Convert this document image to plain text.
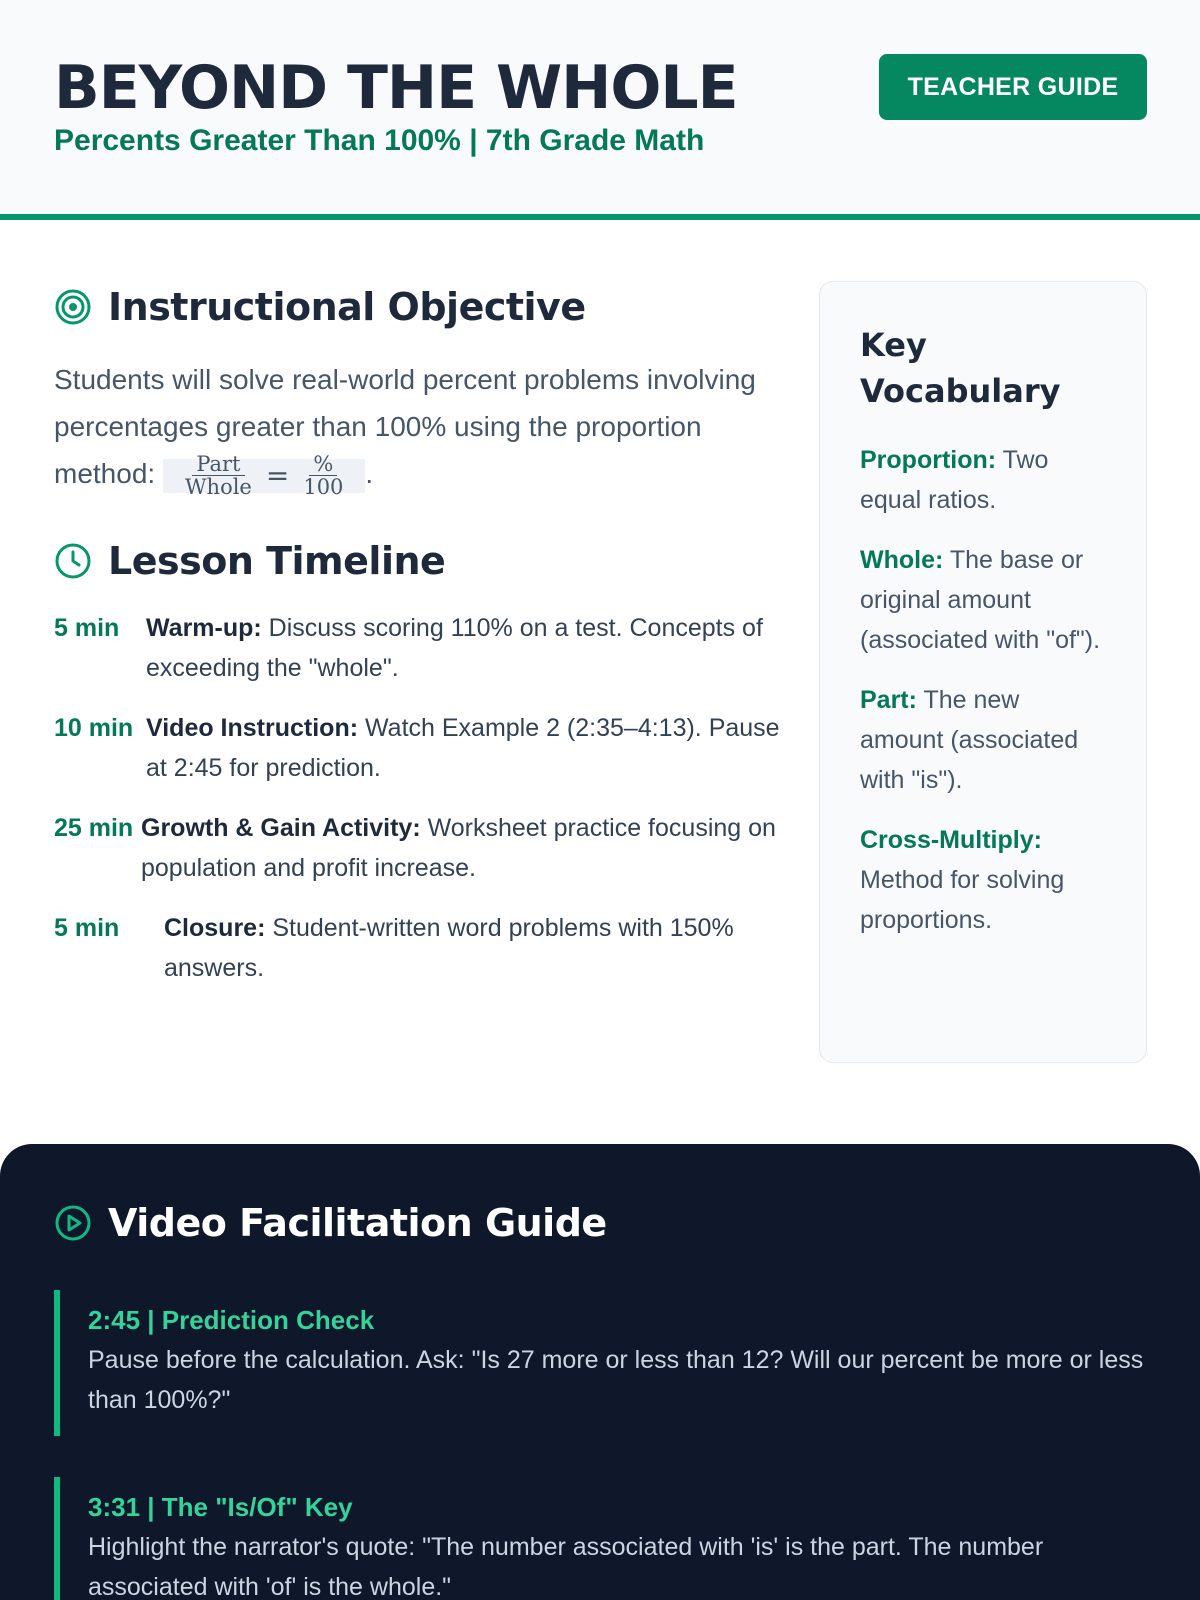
BEYOND THE WHOLE
Percents Greater Than 100% | 7th Grade Math
TEACHER GUIDE
Instructional Objective

Students will solve real-world percent problems involving percentages greater than 100% using the proportion method: $\frac{\text{Part}}{\text{Whole}} = \frac{\%}{100}$ .

Lesson Timeline
5 min	Warm-up: Discuss scoring 110% on a test. Concepts of exceeding the "whole".
10 min Video Instruction: Watch Example 2 (2:35–4:13). Pause at 2:45 for prediction.
25 min Growth & Gain Activity: Worksheet practice focusing on population and profit increase.
5 min	Closure: Student-written word problems with 150% answers.
Key Vocabulary
Proportion: Two equal ratios.
Whole: The base or original amount (associated with "of").
Part: The new amount (associated with "is").
Cross-Multiply: Method for solving proportions.
Video Facilitation Guide
2:45 | Prediction Check
Pause before the calculation. Ask: "Is 27 more or less than 12? Will our percent be more or less than 100%?"
3:31 | The "Is/Of" Key
Highlight the narrator's quote: "The number associated with 'is' is the part. The number associated with 'of' is the whole."
